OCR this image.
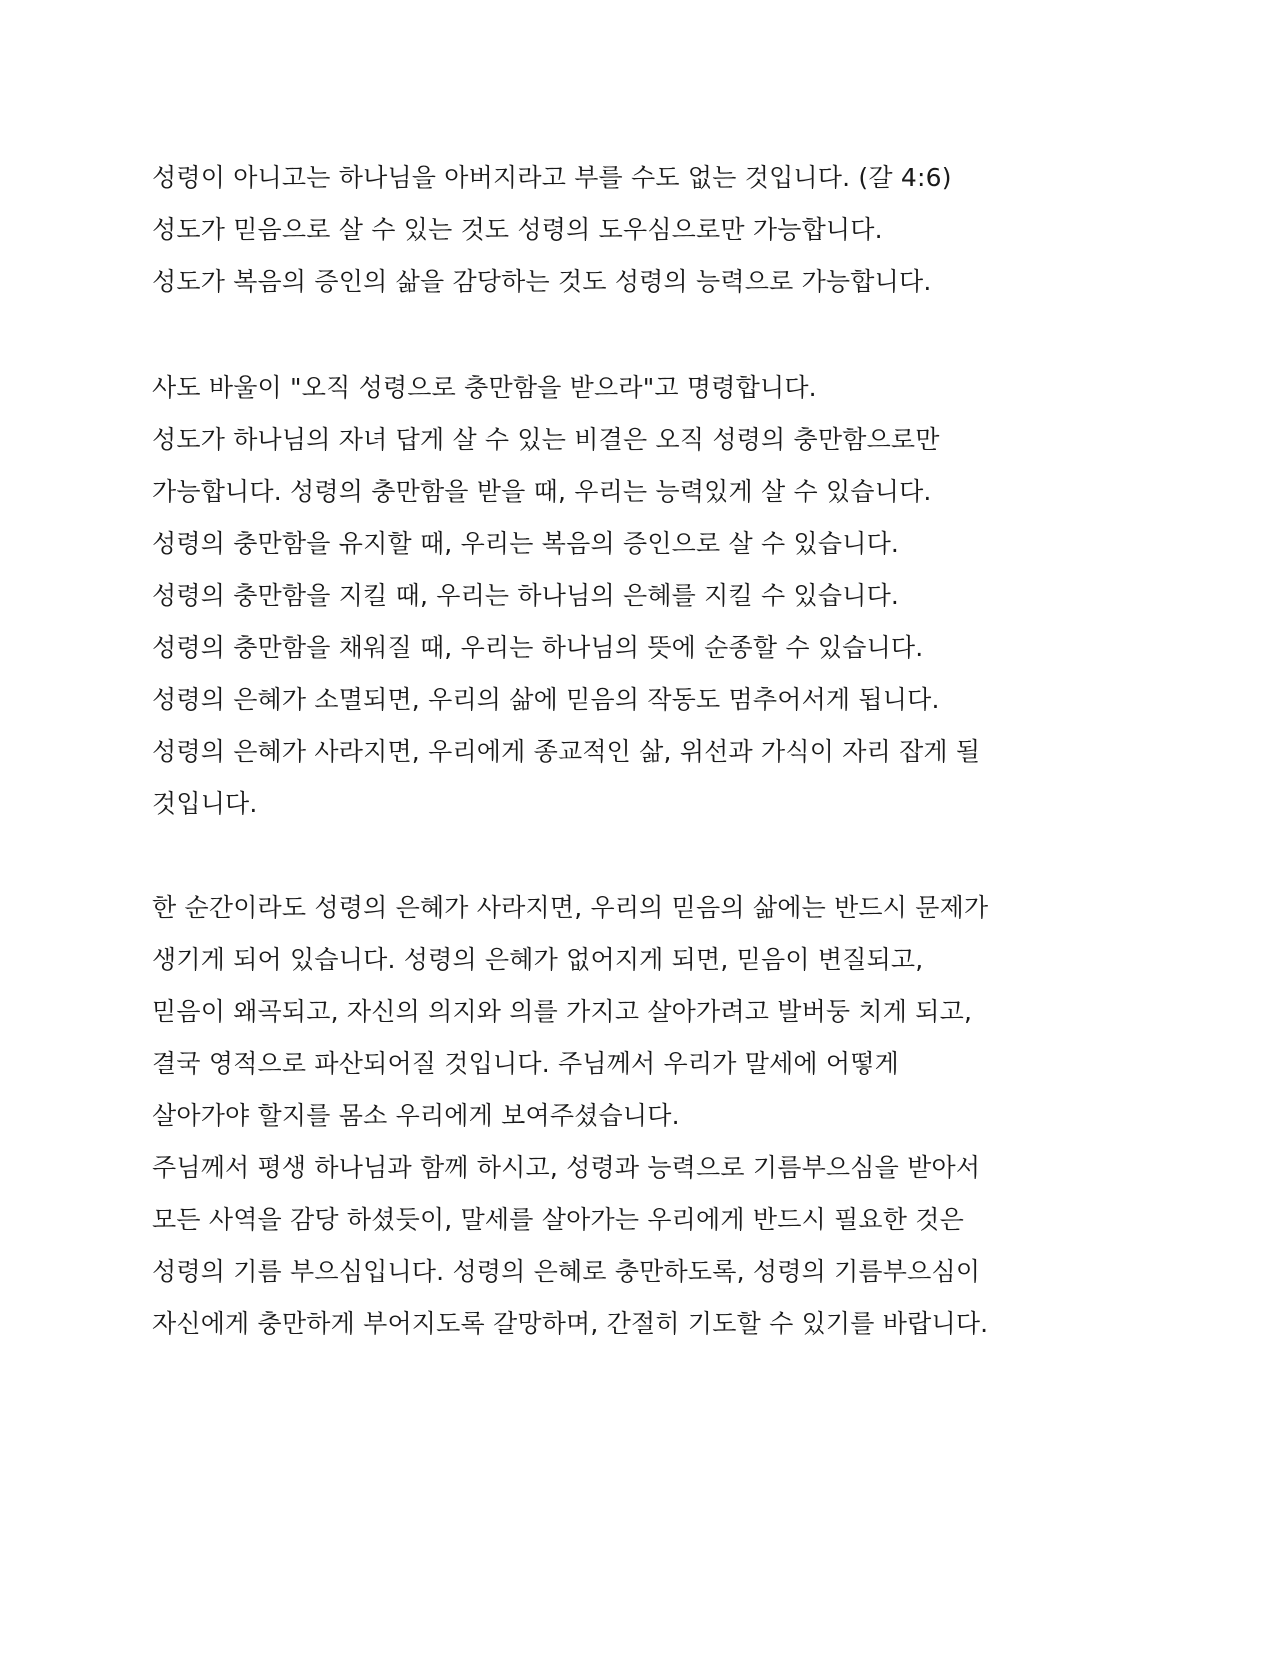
성령이 아니고는 하나님을 아버지라고 부를 수도 없는 것입니다. (갈 4:6)
성도가 믿음으로 살 수 있는 것도 성령의 도우심으로만 가능합니다.
성도가 복음의 증인의 삶을 감당하는 것도 성령의 능력으로 가능합니다.
사도 바울이 "오직 성령으로 충만함을 받으라"고 명령합니다.
성도가 하나님의 자녀 답게 살 수 있는 비결은 오직 성령의 충만함으로만
가능합니다. 성령의 충만함을 받을 때, 우리는 능력있게 살 수 있습니다.
성령의 충만함을 유지할 때, 우리는 복음의 증인으로 살 수 있습니다.
성령의 충만함을 지킬 때, 우리는 하나님의 은혜를 지킬 수 있습니다.
성령의 충만함을 채워질 때, 우리는 하나님의 뜻에 순종할 수 있습니다.
성령의 은혜가 소멸되면, 우리의 삶에 믿음의 작동도 멈추어서게 됩니다.
성령의 은혜가 사라지면, 우리에게 종교적인 삶, 위선과 가식이 자리 잡게 될
것입니다.
한 순간이라도 성령의 은혜가 사라지면, 우리의 믿음의 삶에는 반드시 문제가
생기게 되어 있습니다. 성령의 은혜가 없어지게 되면, 믿음이 변질되고,
믿음이 왜곡되고, 자신의 의지와 의를 가지고 살아가려고 발버둥 치게 되고,
결국 영적으로 파산되어질 것입니다. 주님께서 우리가 말세에 어떻게
살아가야 할지를 몸소 우리에게 보여주셨습니다.
주님께서 평생 하나님과 함께 하시고, 성령과 능력으로 기름부으심을 받아서
모든 사역을 감당 하셨듯이, 말세를 살아가는 우리에게 반드시 필요한 것은
성령의 기름 부으심입니다. 성령의 은혜로 충만하도록, 성령의 기름부으심이
자신에게 충만하게 부어지도록 갈망하며, 간절히 기도할 수 있기를 바랍니다.
